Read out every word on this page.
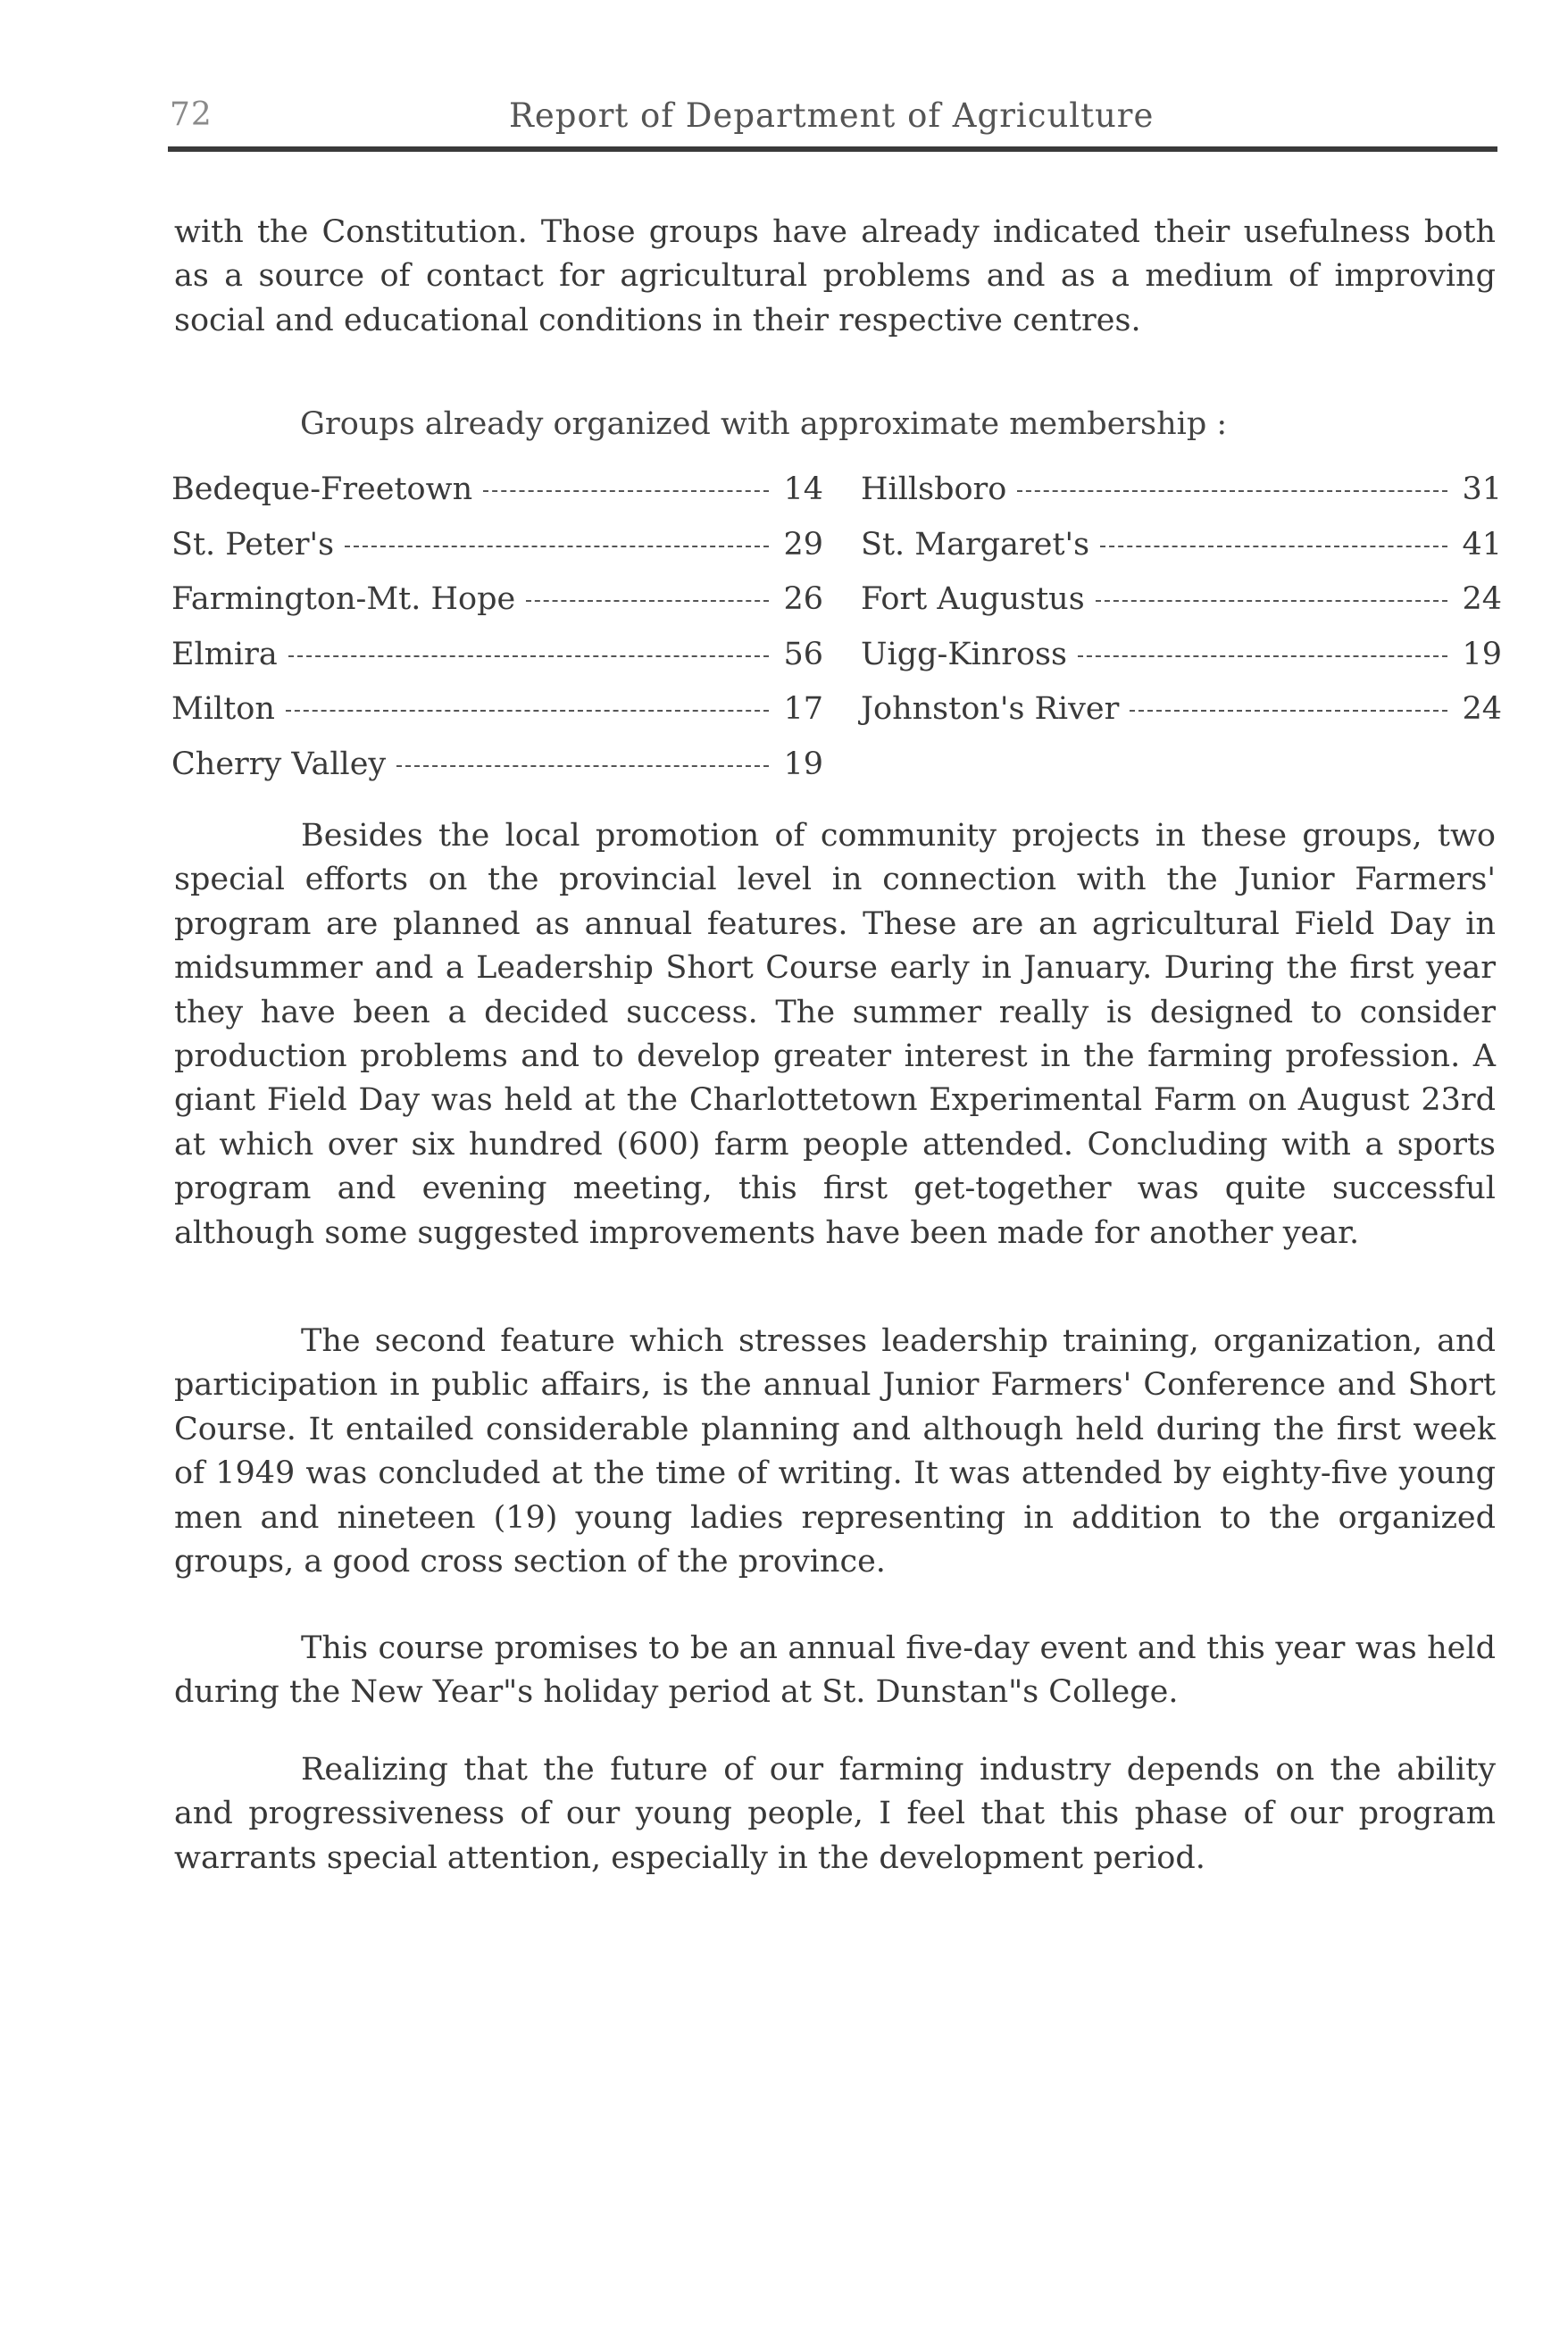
72	Report of Department of Agriculture

with the Constitution. Those groups have already indicated their usefulness both as a source of contact for agricultural problems and as a medium of improving social and educational conditions in their respective centres.

Groups already organized with approximate membership :

Bedeque-Freetown	14
St. Peter's	29
Farmington-Mt. Hope	26
Elmira	56
Milton	17
Cherry Valley	19
Hillsboro	31
St. Margaret's	41
Fort Augustus	24
Uigg-Kinross	19
Johnston's River	24

Besides the local promotion of community projects in these groups, two special efforts on the provincial level in connection with the Junior Farmers' program are planned as annual features. These are an agricultural Field Day in midsummer and a Leadership Short Course early in January. During the first year they have been a decided success. The summer really is designed to consider production problems and to develop greater interest in the farming profession. A giant Field Day was held at the Charlottetown Experimental Farm on August 23rd at which over six hundred (600) farm people attended. Concluding with a sports program and evening meeting, this first get-together was quite successful although some suggested improvements have been made for another year.

The second feature which stresses leadership training, organization, and participation in public affairs, is the annual Junior Farmers' Conference and Short Course. It entailed considerable planning and although held during the first week of 1949 was concluded at the time of writing. It was attended by eighty-five young men and nineteen (19) young ladies representing in addition to the organized groups, a good cross section of the province.

This course promises to be an annual five-day event and this year was held during the New Year"s holiday period at St. Dunstan"s College.

Realizing that the future of our farming industry depends on the ability and progressiveness of our young people, I feel that this phase of our program warrants special attention, especially in the development period.
